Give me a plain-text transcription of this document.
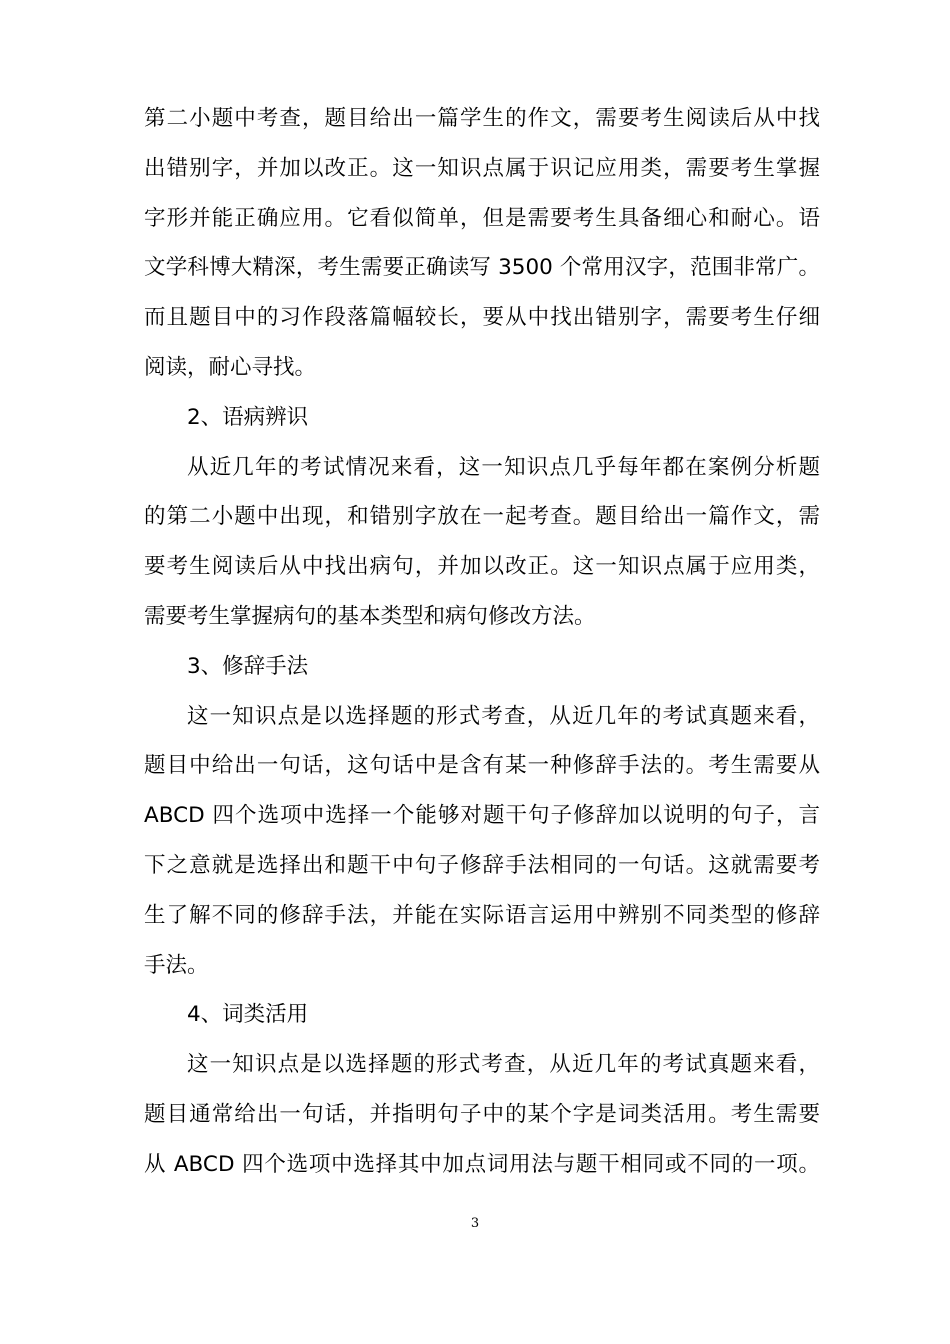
第二小题中考查，题目给出一篇学生的作文，需要考生阅读后从中找
出错别字，并加以改正。这一知识点属于识记应用类，需要考生掌握
字形并能正确应用。它看似简单，但是需要考生具备细心和耐心。语
文学科博大精深，考生需要正确读写 3500 个常用汉字，范围非常广。
而且题目中的习作段落篇幅较长，要从中找出错别字，需要考生仔细
阅读，耐心寻找。
2、语病辨识
从近几年的考试情况来看，这一知识点几乎每年都在案例分析题
的第二小题中出现，和错别字放在一起考查。题目给出一篇作文，需
要考生阅读后从中找出病句，并加以改正。这一知识点属于应用类，
需要考生掌握病句的基本类型和病句修改方法。
3、修辞手法
这一知识点是以选择题的形式考查，从近几年的考试真题来看，
题目中给出一句话，这句话中是含有某一种修辞手法的。考生需要从
ABCD 四个选项中选择一个能够对题干句子修辞加以说明的句子，言
下之意就是选择出和题干中句子修辞手法相同的一句话。这就需要考
生了解不同的修辞手法，并能在实际语言运用中辨别不同类型的修辞
手法。
4、词类活用
这一知识点是以选择题的形式考查，从近几年的考试真题来看，
题目通常给出一句话，并指明句子中的某个字是词类活用。考生需要
从 ABCD 四个选项中选择其中加点词用法与题干相同或不同的一项。
3
